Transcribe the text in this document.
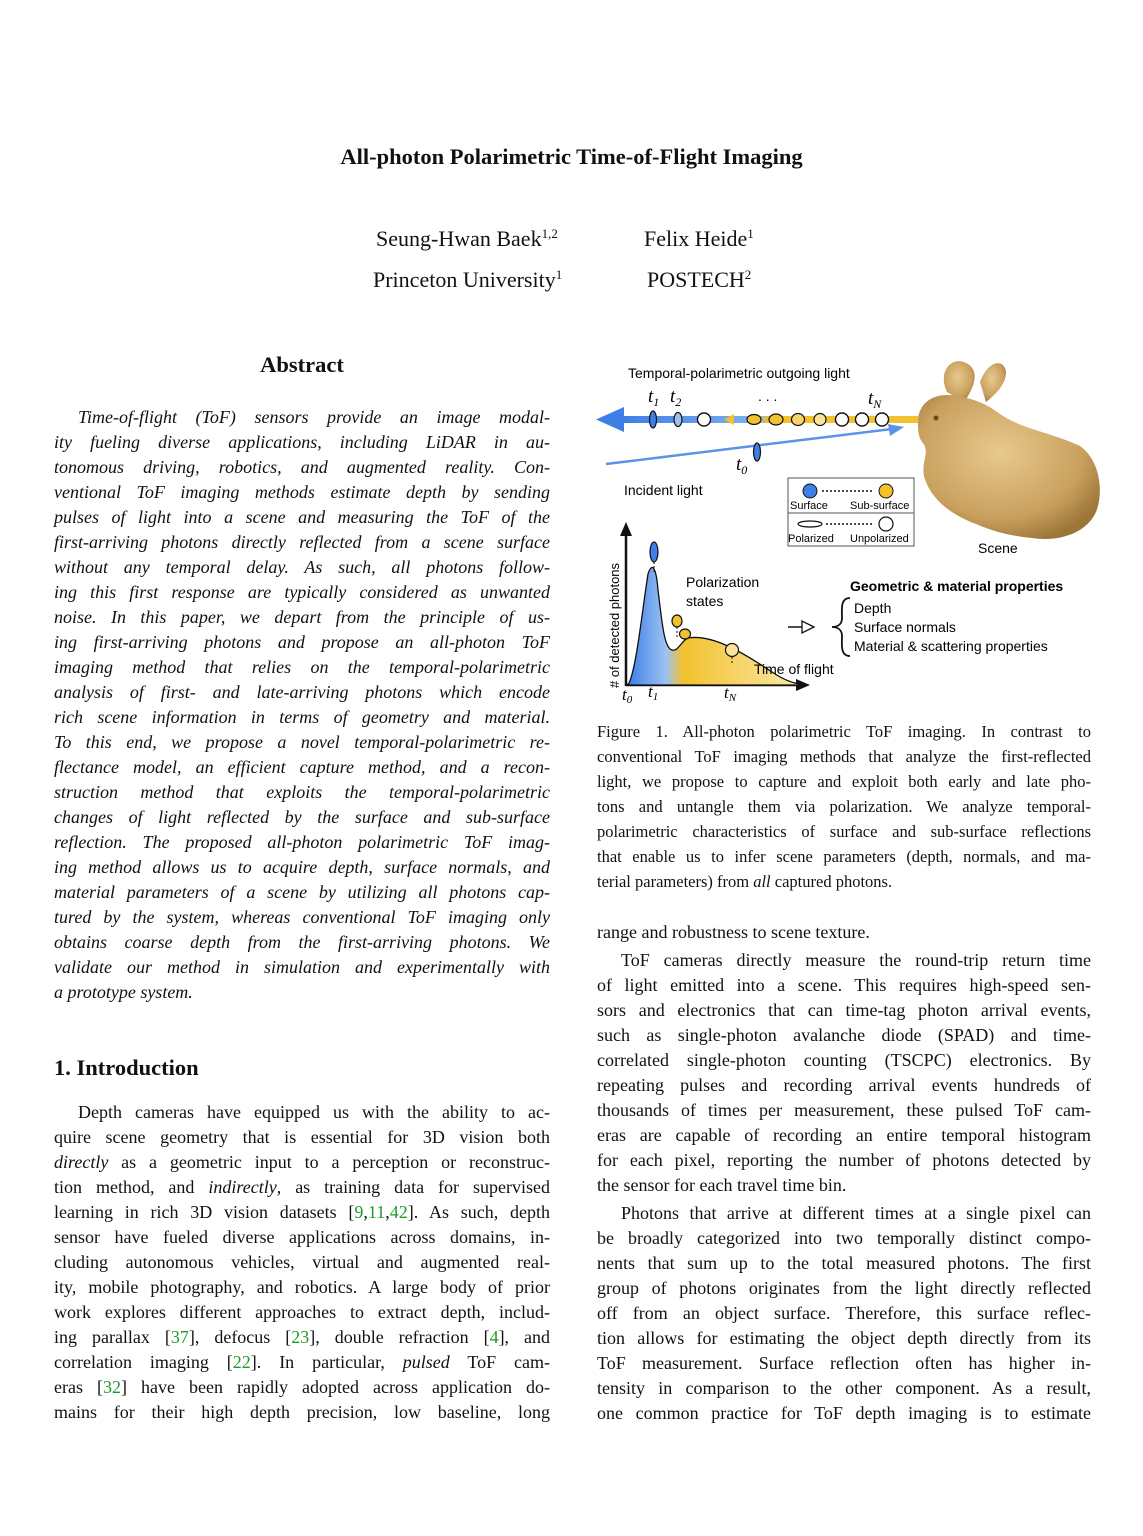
All-photon Polarimetric Time-of-Flight Imaging
Seung-Hwan Baek$^{1,2}$	Felix Heide$^1$
Princeton University$^1$	POSTECH$^2$
Abstract
Time-of-flight (ToF) sensors provide an image modal-
ity fueling diverse applications, including LiDAR in au-
tonomous driving, robotics, and augmented reality. Con-
ventional ToF imaging methods estimate depth by sending
pulses of light into a scene and measuring the ToF of the
first-arriving photons directly reflected from a scene surface
without any temporal delay. As such, all photons follow-
ing this first response are typically considered as unwanted
noise. In this paper, we depart from the principle of us-
ing first-arriving photons and propose an all-photon ToF
imaging method that relies on the temporal-polarimetric
analysis of first- and late-arriving photons which encode
rich scene information in terms of geometry and material.
To this end, we propose a novel temporal-polarimetric re-
flectance model, an efficient capture method, and a recon-
struction method that exploits the temporal-polarimetric
changes of light reflected by the surface and sub-surface
reflection. The proposed all-photon polarimetric ToF imag-
ing method allows us to acquire depth, surface normals, and
material parameters of a scene by utilizing all photons cap-
tured by the system, whereas conventional ToF imaging only
obtains coarse depth from the first-arriving photons. We
validate our method in simulation and experimentally with
a prototype system.
1. Introduction
Depth cameras have equipped us with the ability to ac-
quire scene geometry that is essential for 3D vision both
directly as a geometric input to a perception or reconstruc-
tion method, and indirectly, as training data for supervised
learning in rich 3D vision datasets [9,11,42]. As such, depth
sensor have fueled diverse applications across domains, in-
cluding autonomous vehicles, virtual and augmented real-
ity, mobile photography, and robotics. A large body of prior
work explores different approaches to extract depth, includ-
ing parallax [37], defocus [23], double refraction [4], and
correlation imaging [22]. In particular, pulsed ToF cam-
eras [32] have been rapidly adopted across application do-
mains for their high depth precision, low baseline, long
Temporal-polarimetric outgoing light
$t_1$ $t_2$	. . .	$t_N$
$t_0$
Incident light
Surface Sub-surface
Polarized Unpolarized
Scene
# of detected photons	Polarization
states
Time of flight
t0 t1	tN
Geometric & material properties
Depth
Surface normals
Material & scattering properties
Figure 1. All-photon polarimetric ToF imaging. In contrast to
conventional ToF imaging methods that analyze the first-reflected
light, we propose to capture and exploit both early and late pho-
tons and untangle them via polarization. We analyze temporal-
polarimetric characteristics of surface and sub-surface reflections
that enable us to infer scene parameters (depth, normals, and ma-
terial parameters) from all captured photons.
range and robustness to scene texture.
ToF cameras directly measure the round-trip return time
of light emitted into a scene. This requires high-speed sen-
sors and electronics that can time-tag photon arrival events,
such as single-photon avalanche diode (SPAD) and time-
correlated single-photon counting (TSCPC) electronics. By
repeating pulses and recording arrival events hundreds of
thousands of times per measurement, these pulsed ToF cam-
eras are capable of recording an entire temporal histogram
for each pixel, reporting the number of photons detected by
the sensor for each travel time bin.
Photons that arrive at different times at a single pixel can
be broadly categorized into two temporally distinct compo-
nents that sum up to the total measured photons. The first
group of photons originates from the light directly reflected
off from an object surface. Therefore, this surface reflec-
tion allows for estimating the object depth directly from its
ToF measurement. Surface reflection often has higher in-
tensity in comparison to the other component. As a result,
one common practice for ToF depth imaging is to estimate
